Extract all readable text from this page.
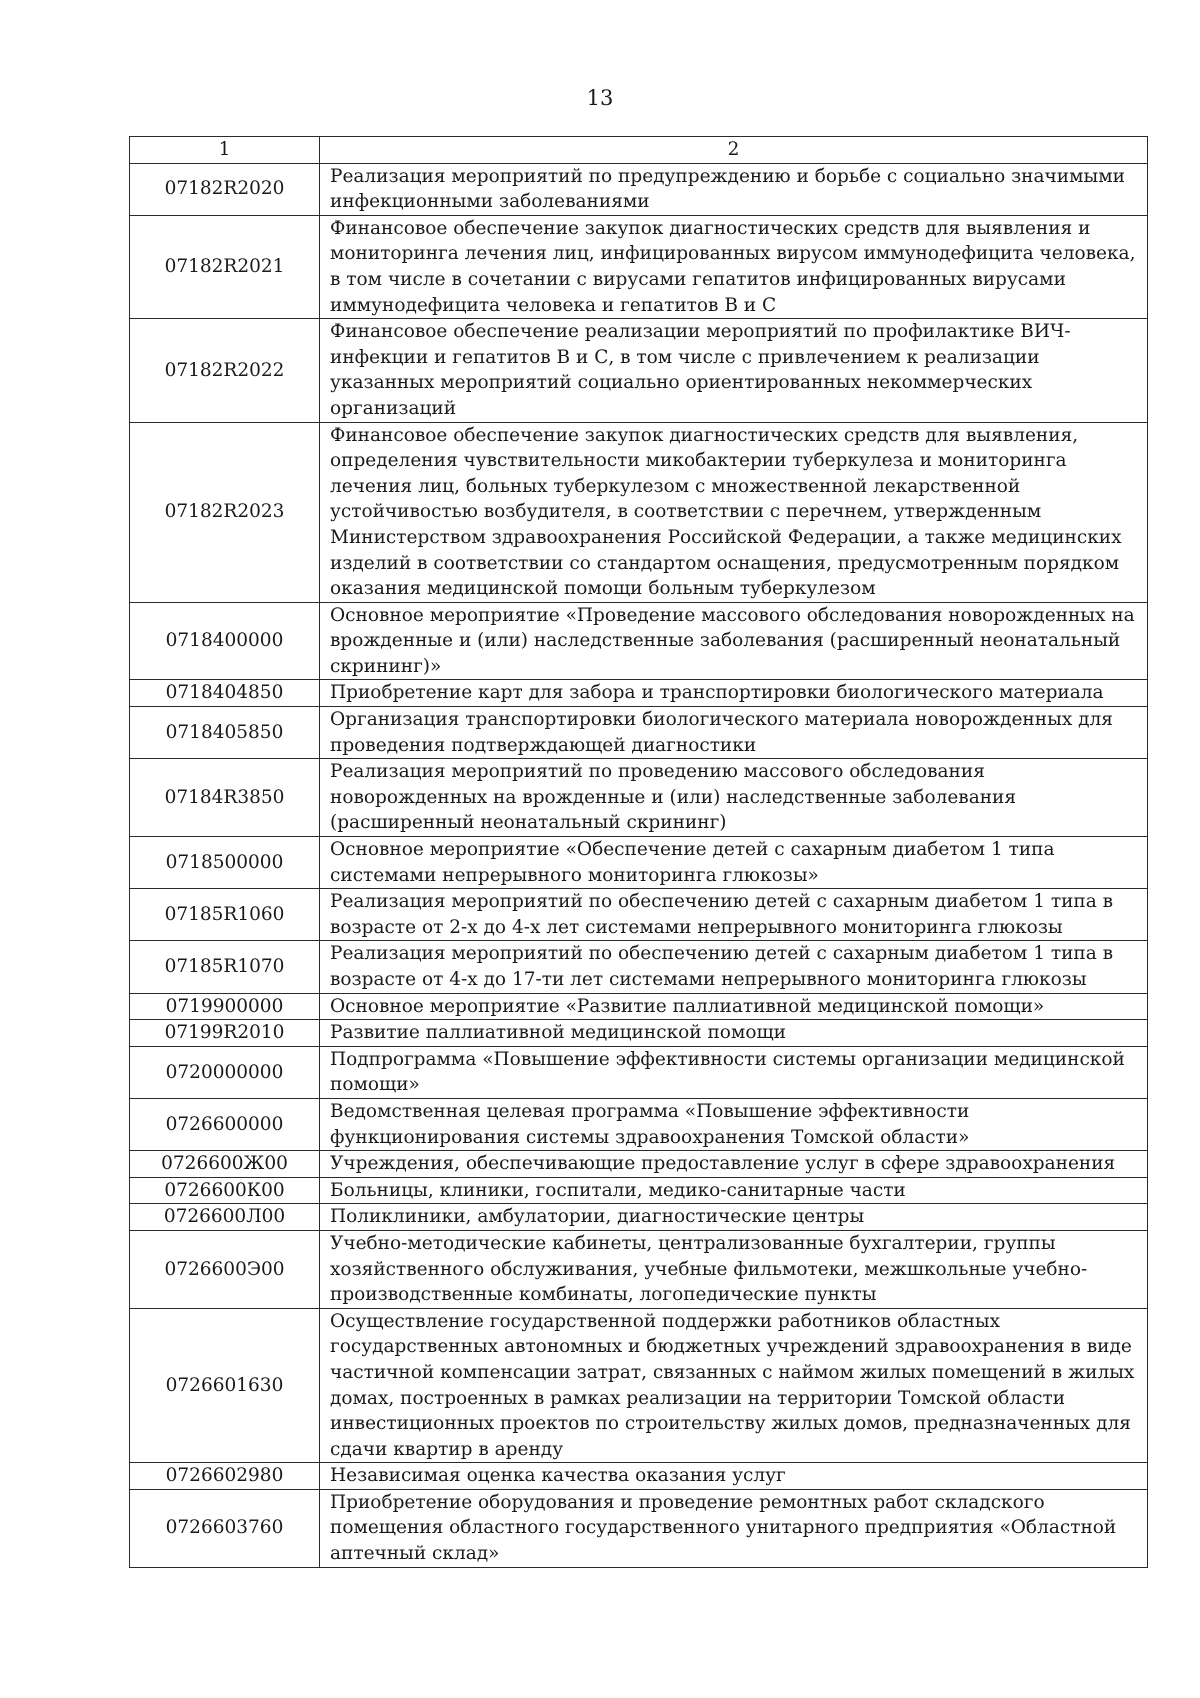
13
1	2
07182R2020	Реализация мероприятий по предупреждению и борьбе с социально значимыми инфекционными заболеваниями
07182R2021	Финансовое обеспечение закупок диагностических средств для выявления и мониторинга лечения лиц, инфицированных вирусом иммунодефицита человека, в том числе в сочетании с вирусами гепатитов инфицированных вирусами иммунодефицита человека и гепатитов В и С
07182R2022	Финансовое обеспечение реализации мероприятий по профилактике ВИЧ-инфекции и гепатитов В и С, в том числе с привлечением к реализации указанных мероприятий социально ориентированных некоммерческих организаций
07182R2023	Финансовое обеспечение закупок диагностических средств для выявления, определения чувствительности микобактерии туберкулеза и мониторинга лечения лиц, больных туберкулезом с множественной лекарственной устойчивостью возбудителя, в соответствии с перечнем, утвержденным Министерством здравоохранения Российской Федерации, а также медицинских изделий в соответствии со стандартом оснащения, предусмотренным порядком оказания медицинской помощи больным туберкулезом
0718400000	Основное мероприятие «Проведение массового обследования новорожденных на врожденные и (или) наследственные заболевания (расширенный неонатальный скрининг)»
0718404850	Приобретение карт для забора и транспортировки биологического материала
0718405850	Организация транспортировки биологического материала новорожденных для проведения подтверждающей диагностики
07184R3850	Реализация мероприятий по проведению массового обследования новорожденных на врожденные и (или) наследственные заболевания (расширенный неонатальный скрининг)
0718500000	Основное мероприятие «Обеспечение детей с сахарным диабетом 1 типа системами непрерывного мониторинга глюкозы»
07185R1060	Реализация мероприятий по обеспечению детей с сахарным диабетом 1 типа в возрасте от 2-х до 4-х лет системами непрерывного мониторинга глюкозы
07185R1070	Реализация мероприятий по обеспечению детей с сахарным диабетом 1 типа в возрасте от 4-х до 17-ти лет системами непрерывного мониторинга глюкозы
0719900000	Основное мероприятие «Развитие паллиативной медицинской помощи»
07199R2010	Развитие паллиативной медицинской помощи
0720000000	Подпрограмма «Повышение эффективности системы организации медицинской помощи»
0726600000	Ведомственная целевая программа «Повышение эффективности функционирования системы здравоохранения Томской области»
0726600Ж00	Учреждения, обеспечивающие предоставление услуг в сфере здравоохранения
0726600К00	Больницы, клиники, госпитали, медико-санитарные части
0726600Л00	Поликлиники, амбулатории, диагностические центры
0726600Э00	Учебно-методические кабинеты, централизованные бухгалтерии, группы хозяйственного обслуживания, учебные фильмотеки, межшкольные учебно-производственные комбинаты, логопедические пункты
0726601630	Осуществление государственной поддержки работников областных государственных автономных и бюджетных учреждений здравоохранения в виде частичной компенсации затрат, связанных с наймом жилых помещений в жилых домах, построенных в рамках реализации на территории Томской области инвестиционных проектов по строительству жилых домов, предназначенных для сдачи квартир в аренду
0726602980	Независимая оценка качества оказания услуг
0726603760	Приобретение оборудования и проведение ремонтных работ складского помещения областного государственного унитарного предприятия «Областной аптечный склад»
